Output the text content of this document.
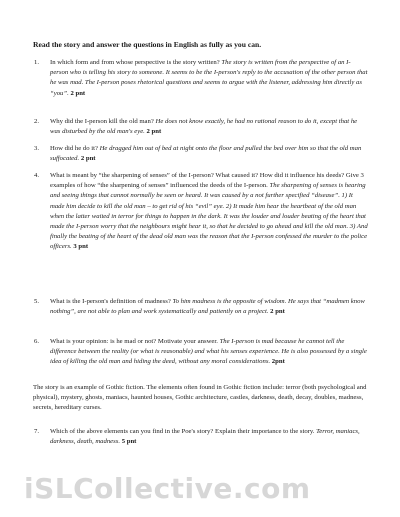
Read the story and answer the questions in English as fully as you can.
1. In which form and from whose perspective is the story written? The story is written from the perspective of an I-person who is telling his story to someone. It seems to be the I-person's reply to the accusation of the other person that he was mad. The I-person poses rhetorical questions and seems to argue with the listener, addressing him directly as “you”. 2 pnt
2. Why did the I-person kill the old man? He does not know exactly, he had no rational reason to do it, except that he was disturbed by the old man's eye. 2 pnt
3. How did he do it? He dragged him out of bed at night onto the floor and pulled the bed over him so that the old man suffocated. 2 pnt
4. What is meant by “the sharpening of senses” of the I-person? What caused it? How did it influence his deeds? Give 3 examples of how “the sharpening of senses” influenced the deeds of the I-person. The sharpening of senses is hearing and seeing things that cannot normally be seen or heard. It was caused by a not further specified “disease”. 1) It made him decide to kill the old man – to get rid of his “evil” eye. 2) It made him hear the heartbeat of the old man when the latter waited in terror for things to happen in the dark. It was the louder and louder beating of the heart that made the I-person worry that the neighbours might hear it, so that he decided to go ahead and kill the old man. 3) And finally the beating of the heart of the dead old man was the reason that the I-person confessed the murder to the police officers. 3 pnt
5. What is the I-person's definition of madness? To him madness is the opposite of wisdom. He says that “madmen know nothing”, are not able to plan and work systematically and patiently on a project. 2 pnt
6. What is your opinion: is he mad or not? Motivate your answer. The I-person is mad because he cannot tell the difference between the reality (or what is reasonable) and what his senses experience. He is also possessed by a single idea of killing the old man and hiding the deed, without any moral considerations. 2pnt
The story is an example of Gothic fiction. The elements often found in Gothic fiction include: terror (both psychological and physical), mystery, ghosts, maniacs, haunted houses, Gothic architecture, castles, darkness, death, decay, doubles, madness, secrets, hereditary curses.
7. Which of the above elements can you find in the Poe's story? Explain their importance to the story. Terror, maniacs, darkness, death, madness. 5 pnt
iSLCollective.com
